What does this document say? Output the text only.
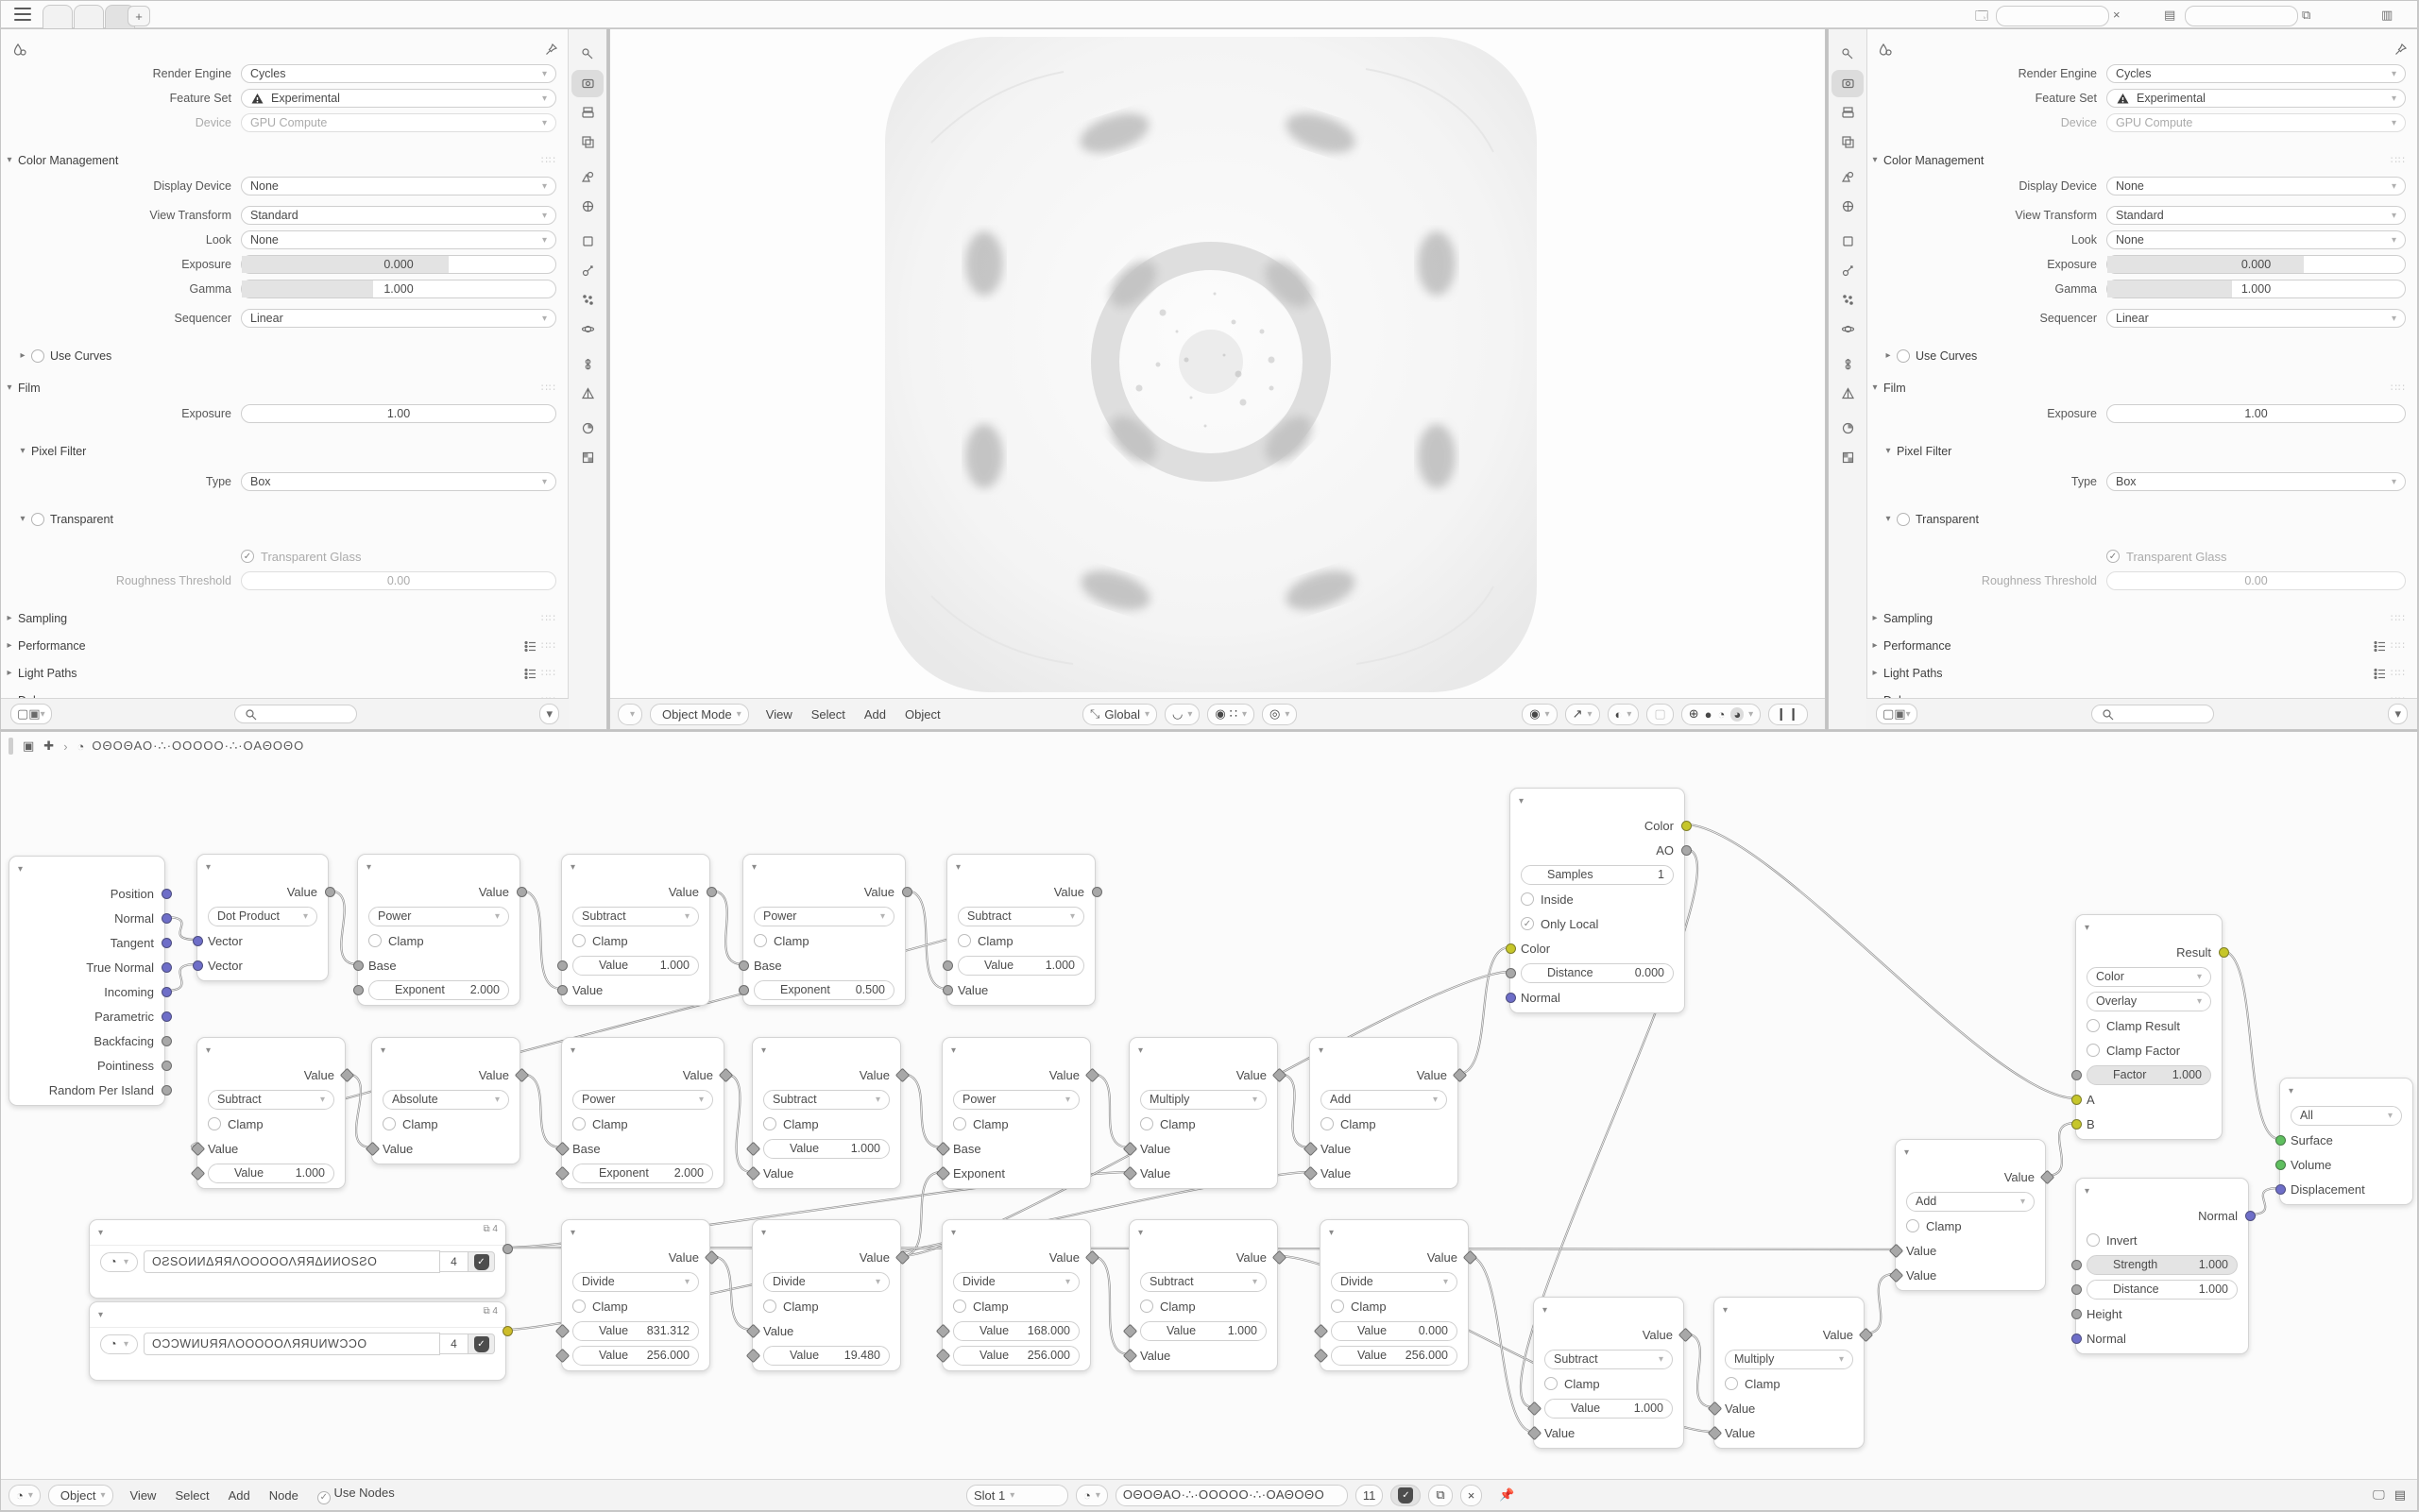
+	🗔	×	▤	⧉	▥
Render Engine	Cycles	▾
Feature Set	Experimental	▾
Device	GPU Compute	▾
▾ Color Management	∷∷
Display Device	None	▾
View Transform	Standard	▾
Look	None	▾
Exposure	0.000
Gamma	1.000
Sequencer	Linear	▾
▸	Use Curves
▾ Film	∷∷
Exposure	1.00
▾ Pixel Filter
Type	Box	▾
▾	Transparent
✓ Transparent Glass
Roughness Threshold	0.00
▸ Sampling	∷∷
▸ Performance	∷∷
▸ Light Paths	∷∷
▢▣ ▾	▾	▾ Object Mode ▾	View	Select	Add	Object	⤡ Global ▾ ◡ ▾ ◉ ∷ ▾ ◎ ▾	◉ ▾ ↗ ▾ ◐ ▾ ▢ ⊕ ● ◔ ◕ ▾ ❙❙
Render Engine	Cycles	▾
Feature Set	Experimental	▾
Device	GPU Compute	▾
▾ Color Management	∷∷
Display Device	None	▾
View Transform	Standard	▾
Look	None	▾
Exposure	0.000
Gamma	1.000
Sequencer	Linear	▾
▸	Use Curves
▾ Film	∷∷
Exposure	1.00
▾ Pixel Filter
Type	Box	▾
▾	Transparent
✓ Transparent Glass
Roughness Threshold	0.00
▸ Sampling	∷∷
▸ Performance	∷∷
▸ Light Paths	∷∷
▢▣ ▾	▾
▣ ✚ › ◔ ΟΘΟΘΑΟ·∴·ΟΟΟΟΟ·∴·ΟΑΘΟΘΟ
▾
Position
Normal
Tangent
True Normal
Incoming
Parametric
Backfacing
Pointiness
Random Per Island
▾
Value
Dot Product ▾
Vector
Vector
▾
Value
Power	▾
Clamp
Base
Exponent 2.000
▾
Value
Subtract	▾
Clamp
Value	1.000
Value
▾
Value
Power	▾
Clamp
Base
Exponent 0.500
▾
Value
Subtract	▾
Clamp
Value	1.000
Value
▾
Value
Subtract	▾
Clamp
Value
Value	1.000
▾
Value
Absolute	▾
Clamp
Value
▾
Value
Power	▾
Clamp
Base
Exponent 2.000
▾
Value
Subtract	▾
Clamp
Value	1.000
Value
▾
Value
Power	▾
Clamp
Base
Exponent
▾
Value
Multiply	▾
Clamp
Value
Value
▾
Value
Add	▾
Clamp
Value
Value
▾	⧉ 4
◔ ▾	ΟƧSΟИИΔЯЯΛΟΟΟΟΟΛЯЯΔИИΟSƧΟ	4	✓
▾	⧉ 4
◔ ▾	ΟƆƆWИUЯЯΛΟΟΟΟΟΛЯЯUИWƆƆΟ	4	✓
▾
Value
Divide	▾
Clamp
Value 831.312
Value 256.000
▾
Value
Divide	▾
Clamp
Value
Value 19.480
▾
Value
Divide	▾
Clamp
Value 168.000
Value 256.000
▾
Value
Subtract	▾
Clamp
Value	1.000
Value
▾
Value
Divide	▾
Clamp
Value	0.000
Value 256.000
▾
Color
AO
Samples	1
Inside
✓ Only Local
Color
Distance	0.000
Normal
▾
Value
Subtract	▾
Clamp
Value	1.000
Value
▾
Value
Multiply	▾
Clamp
Value
Value
▾
Value
Add	▾
Clamp
Value
Value
▾
Result
Color	▾
Overlay	▾
Clamp Result
Clamp Factor
Factor 1.000
A
B
▾
Normal
Invert
Strength	1.000
Distance	1.000
Height
Normal
▾
All	▾
Surface
Volume
Displacement
◔ ▾ Object ▾	View	Select	Add	Node	✓ Use Nodes	Slot 1 ▾	◔ ▾ ΟΘΟΘΑΟ·∴·ΟΟΟΟΟ·∴·ΟΑΘΟΘΟ	11	✓ ⧉ × 📌	🖵 ▤
